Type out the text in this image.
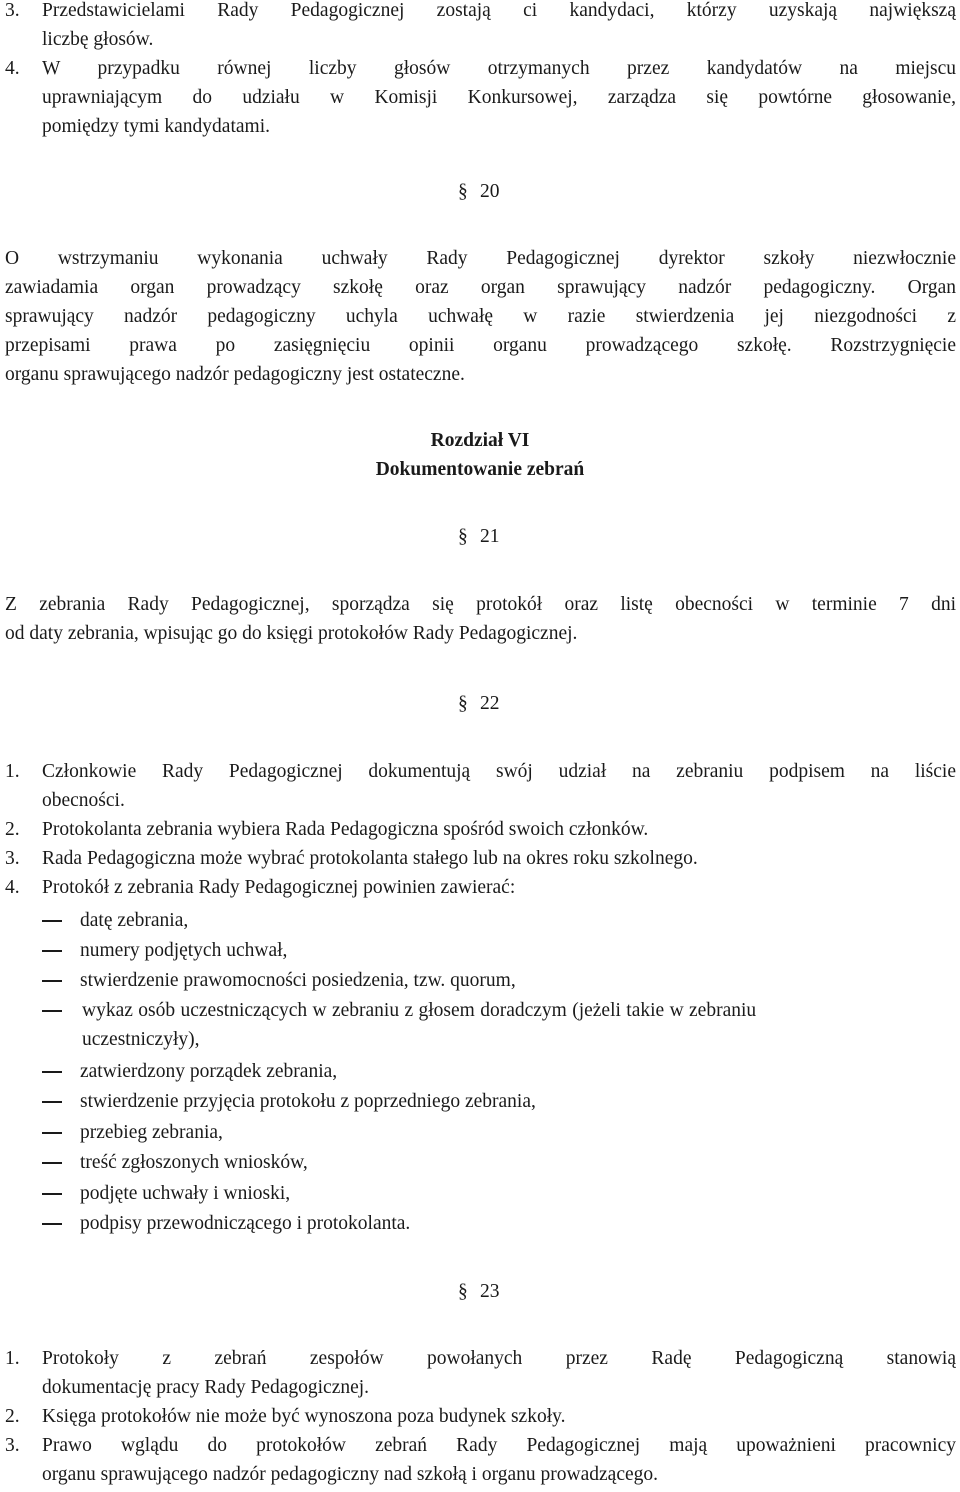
3. Przedstawicielami Rady Pedagogicznej zostają ci kandydaci, którzy uzyskają największą
liczbę głosów.
4. W przypadku równej liczby głosów otrzymanych przez kandydatów na miejscu
uprawniającym do udziału w Komisji Konkursowej, zarządza się powtórne głosowanie,
pomiędzy tymi kandydatami.
§ 20
O wstrzymaniu wykonania uchwały Rady Pedagogicznej dyrektor szkoły niezwłocznie
zawiadamia organ prowadzący szkołę oraz organ sprawujący nadzór pedagogiczny. Organ
sprawujący nadzór pedagogiczny uchyla uchwałę w razie stwierdzenia jej niezgodności z
przepisami prawa po zasięgnięciu opinii organu prowadzącego szkołę. Rozstrzygnięcie
organu sprawującego nadzór pedagogiczny jest ostateczne.
Rozdział VI
Dokumentowanie zebrań
§ 21
Z zebrania Rady Pedagogicznej, sporządza się protokół oraz listę obecności w terminie 7 dni
od daty zebrania, wpisując go do księgi protokołów Rady Pedagogicznej.
§ 22
1. Członkowie Rady Pedagogicznej dokumentują swój udział na zebraniu podpisem na liście
obecności.
2. Protokolanta zebrania wybiera Rada Pedagogiczna spośród swoich członków.
3. Rada Pedagogiczna może wybrać protokolanta stałego lub na okres roku szkolnego.
4. Protokół z zebrania Rady Pedagogicznej powinien zawierać:
datę zebrania,
numery podjętych uchwał,
stwierdzenie prawomocności posiedzenia, tzw. quorum,
wykaz osób uczestniczących w zebraniu z głosem doradczym (jeżeli takie w zebraniu
uczestniczyły),
zatwierdzony porządek zebrania,
stwierdzenie przyjęcia protokołu z poprzedniego zebrania,
przebieg zebrania,
treść zgłoszonych wniosków,
podjęte uchwały i wnioski,
podpisy przewodniczącego i protokolanta.
§ 23
1. Protokoły z zebrań zespołów powołanych przez Radę Pedagogiczną stanowią
dokumentację pracy Rady Pedagogicznej.
2. Księga protokołów nie może być wynoszona poza budynek szkoły.
3. Prawo wglądu do protokołów zebrań Rady Pedagogicznej mają upoważnieni pracownicy
organu sprawującego nadzór pedagogiczny nad szkołą i organu prowadzącego.
